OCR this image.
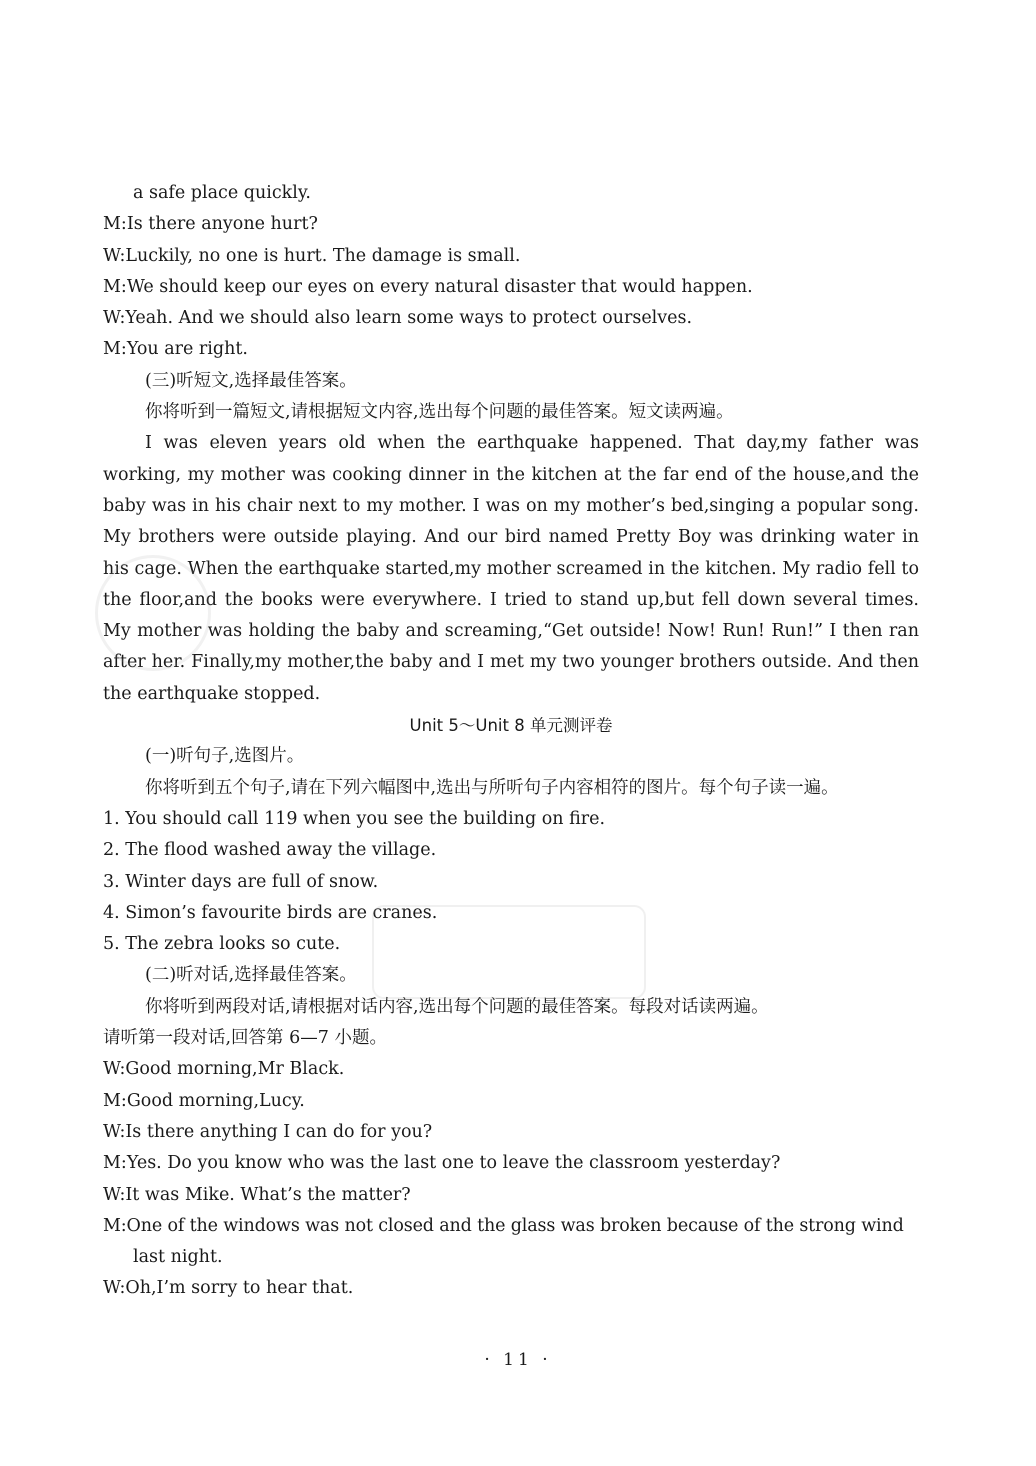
a safe place quickly.
M:Is there anyone hurt?
W:Luckily, no one is hurt. The damage is small.
M:We should keep our eyes on every natural disaster that would happen.
W:Yeah. And we should also learn some ways to protect ourselves.
M:You are right.
(三)听短文,选择最佳答案。
你将听到一篇短文,请根据短文内容,选出每个问题的最佳答案。短文读两遍。
I was eleven years old when the earthquake happened. That day,my father was working, my mother was cooking dinner in the kitchen at the far end of the house,and the baby was in his chair next to my mother. I was on my mother’s bed,singing a popular song. My brothers were outside playing. And our bird named Pretty Boy was drinking water in his cage. When the earthquake started,my mother screamed in the kitchen. My radio fell to the floor,and the books were everywhere. I tried to stand up,but fell down several times. My mother was holding the baby and screaming,“Get outside! Now! Run! Run!” I then ran after her. Finally,my mother,the baby and I met my two younger brothers outside. And then the earthquake stopped.
Unit 5～Unit 8 单元测评卷
(一)听句子,选图片。
你将听到五个句子,请在下列六幅图中,选出与所听句子内容相符的图片。每个句子读一遍。
1. You should call 119 when you see the building on fire.
2. The flood washed away the village.
3. Winter days are full of snow.
4. Simon’s favourite birds are cranes.
5. The zebra looks so cute.
(二)听对话,选择最佳答案。
你将听到两段对话,请根据对话内容,选出每个问题的最佳答案。每段对话读两遍。
请听第一段对话,回答第 6—7 小题。
W:Good morning,Mr Black.
M:Good morning,Lucy.
W:Is there anything I can do for you?
M:Yes. Do you know who was the last one to leave the classroom yesterday?
W:It was Mike. What’s the matter?
M:One of the windows was not closed and the glass was broken because of the strong wind
last night.
W:Oh,I’m sorry to hear that.
· 11 ·
